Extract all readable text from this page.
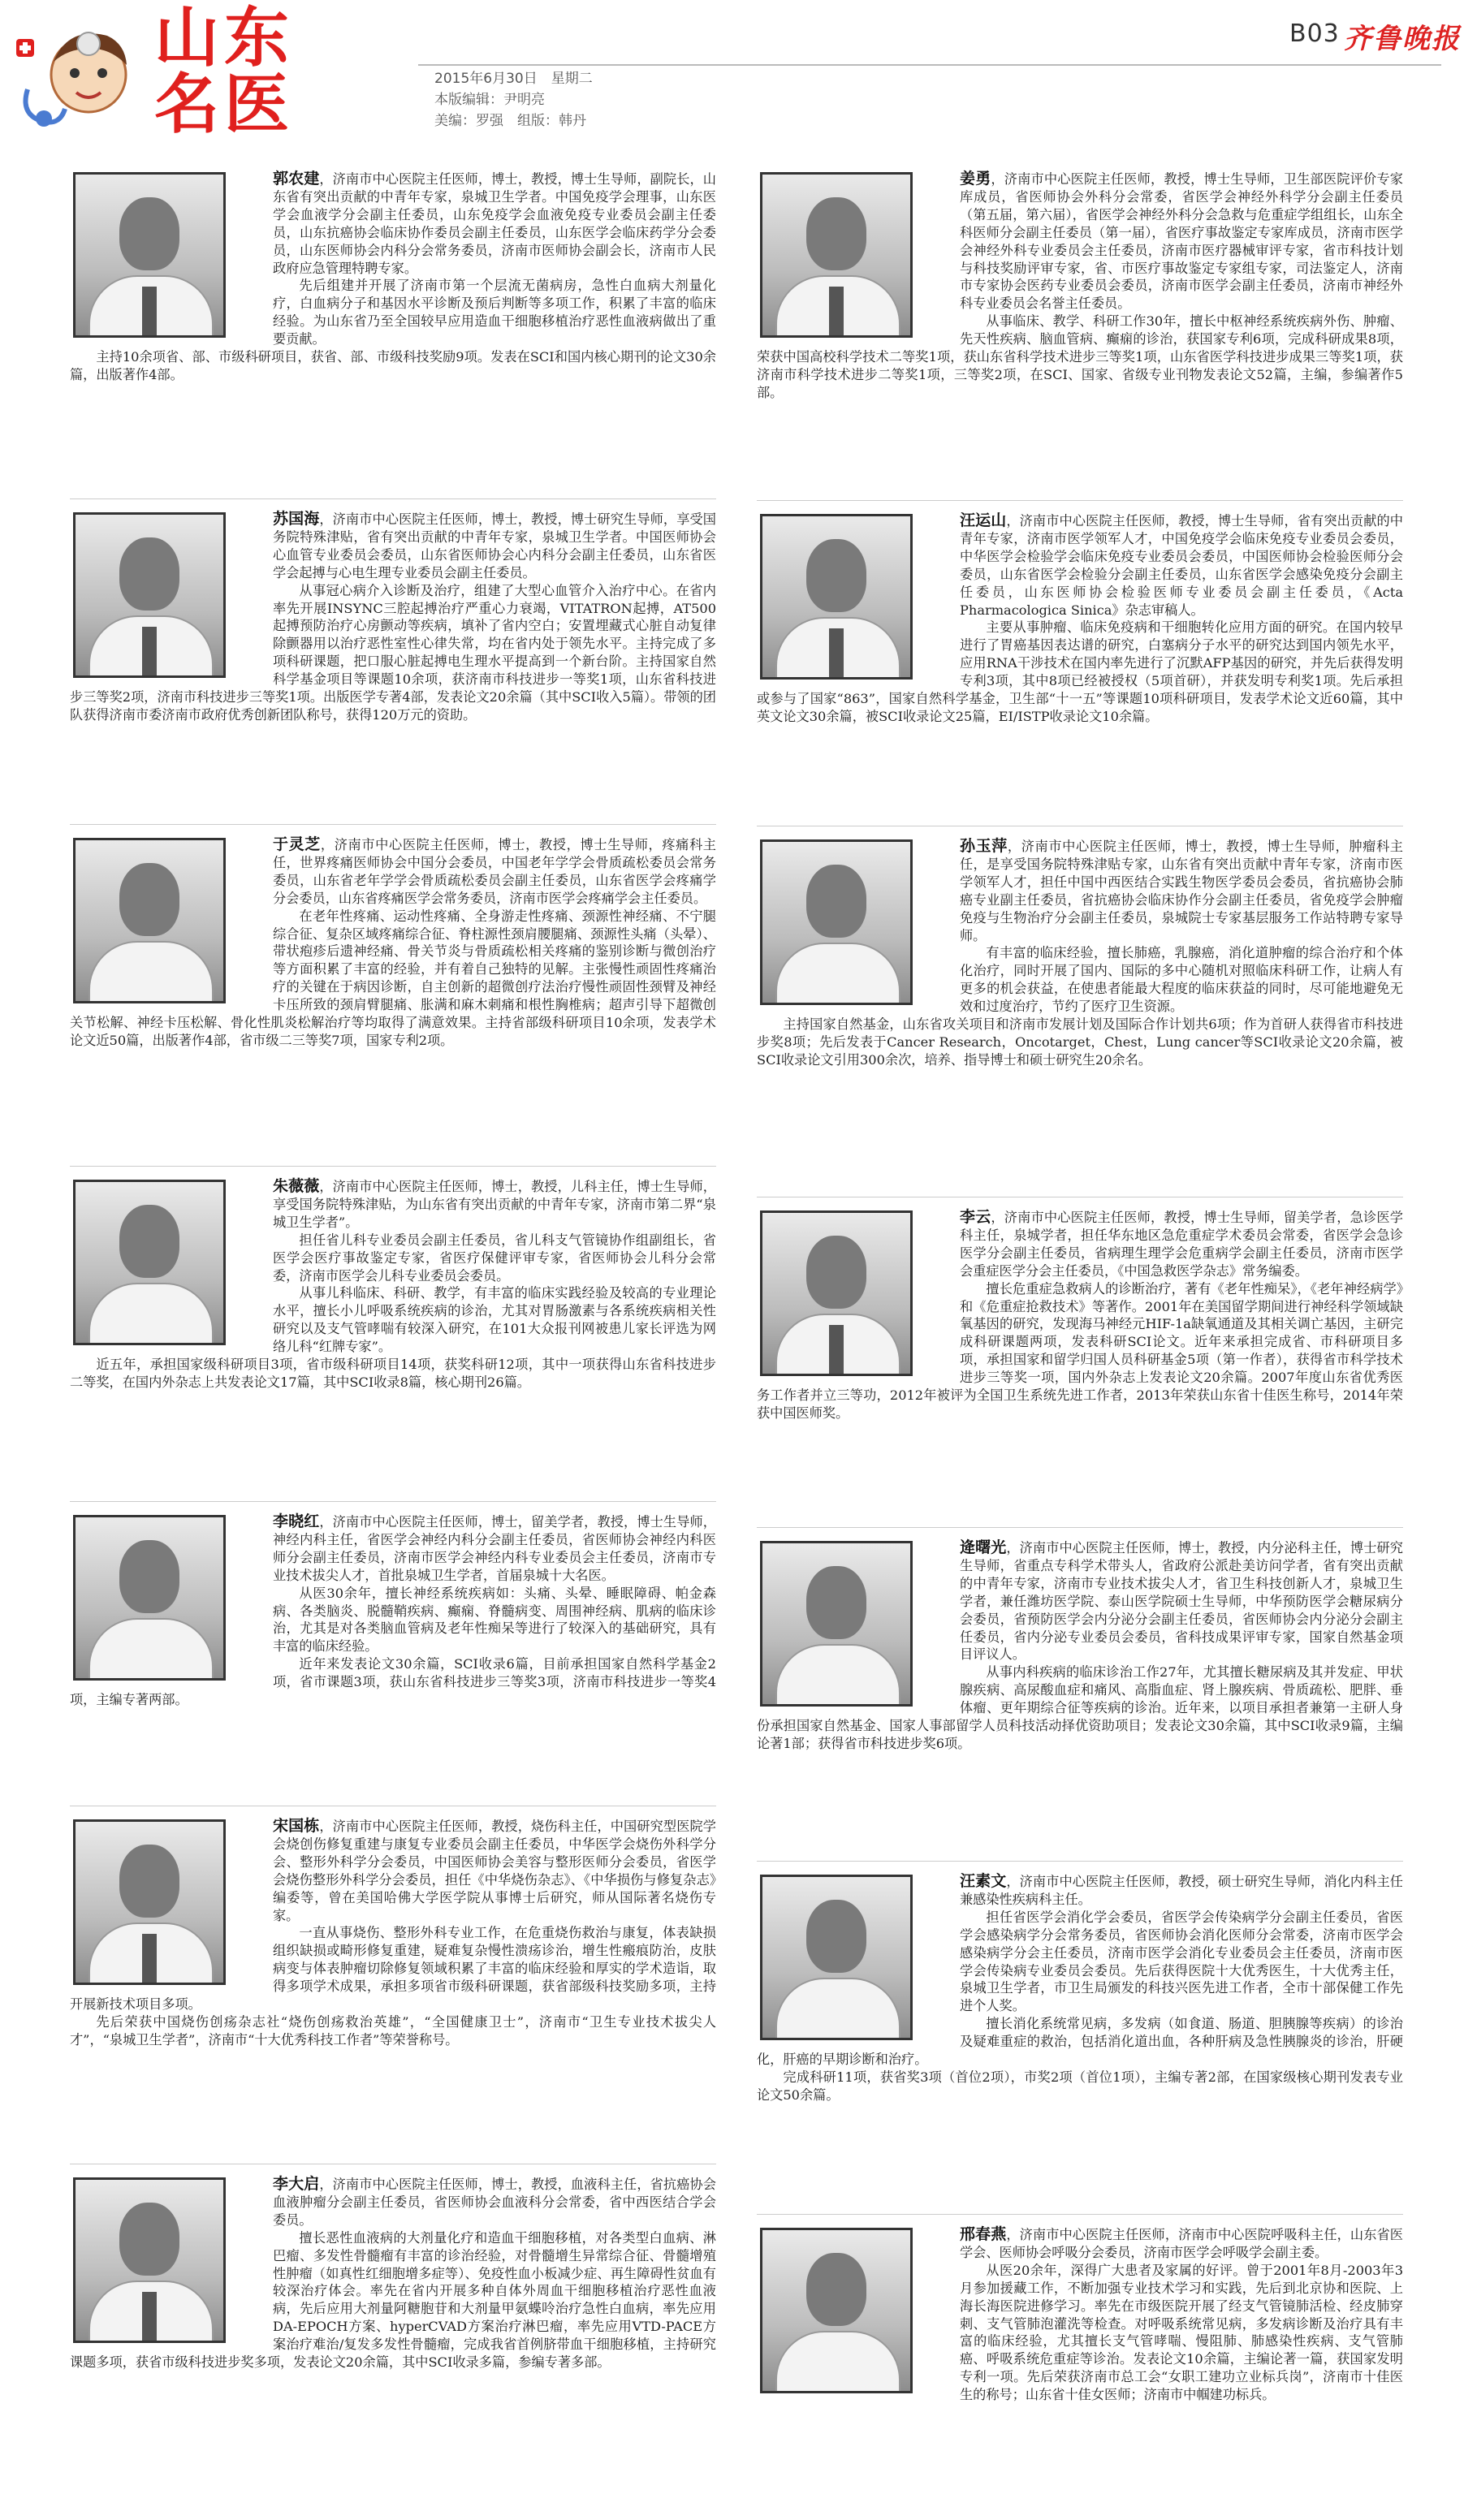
山东
名医	2015年6月30日　星期二
本版编辑：尹明亮
美编：罗强　组版：韩丹
B03 齐鲁晚报

郭农建，济南市中心医院主任医师，博士，教授，博士生导师，副院长，山东省有突出贡献的中青年专家，泉城卫生学者。中国免疫学会理事，山东医学会血液学分会副主任委员，山东免疫学会血液免疫专业委员会副主任委员，山东抗癌协会临床协作委员会副主任委员，山东医学会临床药学分会委员，山东医师协会内科分会常务委员，济南市医师协会副会长，济南市人民政府应急管理特聘专家。

先后组建并开展了济南市第一个层流无菌病房，急性白血病大剂量化疗，白血病分子和基因水平诊断及预后判断等多项工作，积累了丰富的临床经验。为山东省乃至全国较早应用造血干细胞移植治疗恶性血液病做出了重要贡献。

主持10余项省、部、市级科研项目，获省、部、市级科技奖励9项。发表在SCI和国内核心期刊的论文30余篇，出版著作4部。

苏国海，济南市中心医院主任医师，博士，教授，博士研究生导师，享受国务院特殊津贴，省有突出贡献的中青年专家，泉城卫生学者。中国医师协会心血管专业委员会委员，山东省医师协会心内科分会副主任委员，山东省医学会起搏与心电生理专业委员会副主任委员。

从事冠心病介入诊断及治疗，组建了大型心血管介入治疗中心。在省内率先开展INSYNC三腔起搏治疗严重心力衰竭，VITATRON起搏，AT500起搏预防治疗心房颤动等疾病，填补了省内空白；安置埋藏式心脏自动复律除颤器用以治疗恶性室性心律失常，均在省内处于领先水平。主持完成了多项科研课题，把口服心脏起搏电生理水平提高到一个新台阶。主持国家自然科学基金项目等课题10余项，获济南市科技进步一等奖1项，山东省科技进步三等奖2项，济南市科技进步三等奖1项。出版医学专著4部，发表论文20余篇（其中SCI收入5篇）。带领的团队获得济南市委济南市政府优秀创新团队称号，获得120万元的资助。

于灵芝，济南市中心医院主任医师，博士，教授，博士生导师，疼痛科主任，世界疼痛医师协会中国分会委员，中国老年学学会骨质疏松委员会常务委员，山东省老年学学会骨质疏松委员会副主任委员，山东省医学会疼痛学分会委员，山东省疼痛医学会常务委员，济南市医学会疼痛学会主任委员。

在老年性疼痛、运动性疼痛、全身游走性疼痛、颈源性神经痛、不宁腿综合征、复杂区域疼痛综合征、脊柱源性颈肩腰腿痛、颈源性头痛（头晕）、带状疱疹后遗神经痛、骨关节炎与骨质疏松相关疼痛的鉴别诊断与微创治疗等方面积累了丰富的经验，并有着自己独特的见解。主张慢性顽固性疼痛治疗的关键在于病因诊断，自主创新的超微创疗法治疗慢性顽固性颈臂及神经卡压所致的颈肩臂腿痛、胀满和麻木刺痛和根性胸椎病；超声引导下超微创关节松解、神经卡压松解、骨化性肌炎松解治疗等均取得了满意效果。主持省部级科研项目10余项，发表学术论文近50篇，出版著作4部，省市级二三等奖7项，国家专利2项。

朱薇薇，济南市中心医院主任医师，博士，教授，儿科主任，博士生导师，享受国务院特殊津贴，为山东省有突出贡献的中青年专家，济南市第二界“泉城卫生学者”。

担任省儿科专业委员会副主任委员，省儿科支气管镜协作组副组长，省医学会医疗事故鉴定专家，省医疗保健评审专家，省医师协会儿科分会常委，济南市医学会儿科专业委员会委员。

从事儿科临床、科研、教学，有丰富的临床实践经验及较高的专业理论水平，擅长小儿呼吸系统疾病的诊治，尤其对胃肠激素与各系统疾病相关性研究以及支气管哮喘有较深入研究，在101大众报刊网被患儿家长评选为网络儿科“红牌专家”。

近五年，承担国家级科研项目3项，省市级科研项目14项，获奖科研12项，其中一项获得山东省科技进步二等奖，在国内外杂志上共发表论文17篇，其中SCI收录8篇，核心期刊26篇。

李晓红，济南市中心医院主任医师，博士，留美学者，教授，博士生导师，神经内科主任，省医学会神经内科分会副主任委员，省医师协会神经内科医师分会副主任委员，济南市医学会神经内科专业委员会主任委员，济南市专业技术拔尖人才，首批泉城卫生学者，首届泉城十大名医。

从医30余年，擅长神经系统疾病如：头痛、头晕、睡眠障碍、帕金森病、各类脑炎、脱髓鞘疾病、癫痫、脊髓病变、周围神经病、肌病的临床诊治，尤其是对各类脑血管病及老年性痴呆等进行了较深入的基础研究，具有丰富的临床经验。

近年来发表论文30余篇，SCI收录6篇，目前承担国家自然科学基金2项，省市课题3项，获山东省科技进步三等奖3项，济南市科技进步一等奖4项，主编专著两部。

宋国栋，济南市中心医院主任医师，教授，烧伤科主任，中国研究型医院学会烧创伤修复重建与康复专业委员会副主任委员，中华医学会烧伤外科学分会、整形外科学分会委员，中国医师协会美容与整形医师分会委员，省医学会烧伤整形外科学分会委员，担任《中华烧伤杂志》、《中华损伤与修复杂志》编委等，曾在美国哈佛大学医学院从事博士后研究，师从国际著名烧伤专家。

一直从事烧伤、整形外科专业工作，在危重烧伤救治与康复，体表缺损组织缺损或畸形修复重建，疑难复杂慢性溃疡诊治，增生性瘢痕防治，皮肤病变与体表肿瘤切除修复领域积累了丰富的临床经验和厚实的学术造诣，取得多项学术成果，承担多项省市级科研课题，获省部级科技奖励多项，主持开展新技术项目多项。

先后荣获中国烧伤创疡杂志社“烧伤创疡救治英雄”，“全国健康卫士”，济南市“卫生专业技术拔尖人才”，“泉城卫生学者”，济南市“十大优秀科技工作者”等荣誉称号。

李大启，济南市中心医院主任医师，博士，教授，血液科主任，省抗癌协会血液肿瘤分会副主任委员，省医师协会血液科分会常委，省中西医结合学会委员。

擅长恶性血液病的大剂量化疗和造血干细胞移植，对各类型白血病、淋巴瘤、多发性骨髓瘤有丰富的诊治经验，对骨髓增生异常综合征、骨髓增殖性肿瘤（如真性红细胞增多症等）、免疫性血小板减少症、再生障碍性贫血有较深治疗体会。率先在省内开展多种自体外周血干细胞移植治疗恶性血液病，先后应用大剂量阿糖胞苷和大剂量甲氨蝶呤治疗急性白血病，率先应用DA-EPOCH方案、hyperCVAD方案治疗淋巴瘤，率先应用VTD-PACE方案治疗难治/复发多发性骨髓瘤，完成我省首例脐带血干细胞移植，主持研究课题多项，获省市级科技进步奖多项，发表论文20余篇，其中SCI收录多篇，参编专著多部。

姜勇，济南市中心医院主任医师，教授，博士生导师，卫生部医院评价专家库成员，省医师协会外科分会常委，省医学会神经外科学分会副主任委员（第五届，第六届），省医学会神经外科分会急救与危重症学组组长，山东全科医师分会副主任委员（第一届），省医疗事故鉴定专家库成员，济南市医学会神经外科专业委员会主任委员，济南市医疗器械审评专家，省市科技计划与科技奖励评审专家，省、市医疗事故鉴定专家组专家，司法鉴定人，济南市专家协会医药专业委员会委员，济南市医学会副主任委员，济南市神经外科专业委员会名誉主任委员。

从事临床、教学、科研工作30年，擅长中枢神经系统疾病外伤、肿瘤、先天性疾病、脑血管病、癫痫的诊治，获国家专利6项，完成科研成果8项，荣获中国高校科学技术二等奖1项，获山东省科学技术进步三等奖1项，山东省医学科技进步成果三等奖1项，获济南市科学技术进步二等奖1项，三等奖2项，在SCI、国家、省级专业刊物发表论文52篇，主编，参编著作5部。

汪运山，济南市中心医院主任医师，教授，博士生导师，省有突出贡献的中青年专家，济南市医学领军人才，中国免疫学会临床免疫专业委员会委员，中华医学会检验学会临床免疫专业委员会委员，中国医师协会检验医师分会委员，山东省医学会检验分会副主任委员，山东省医学会感染免疫分会副主任委员，山东医师协会检验医师专业委员会副主任委员，《Acta Pharmacologica Sinica》杂志审稿人。

主要从事肿瘤、临床免疫病和干细胞转化应用方面的研究。在国内较早进行了胃癌基因表达谱的研究，白塞病分子水平的研究达到国内领先水平，应用RNA干涉技术在国内率先进行了沉默AFP基因的研究，并先后获得发明专利3项，其中8项已经被授权（5项首研），并获发明专利奖1项。先后承担或参与了国家“863”，国家自然科学基金，卫生部“十一五”等课题10项科研项目，发表学术论文近60篇，其中英文论文30余篇，被SCI收录论文25篇，EI/ISTP收录论文10余篇。

孙玉萍，济南市中心医院主任医师，博士，教授，博士生导师，肿瘤科主任，是享受国务院特殊津贴专家，山东省有突出贡献中青年专家，济南市医学领军人才，担任中国中西医结合实践生物医学委员会委员，省抗癌协会肺癌专业副主任委员，省抗癌协会临床协作分会副主任委员，省免疫学会肿瘤免疫与生物治疗分会副主任委员，泉城院士专家基层服务工作站特聘专家导师。

有丰富的临床经验，擅长肺癌，乳腺癌，消化道肿瘤的综合治疗和个体化治疗，同时开展了国内、国际的多中心随机对照临床科研工作，让病人有更多的机会获益，在使患者能最大程度的临床获益的同时，尽可能地避免无效和过度治疗，节约了医疗卫生资源。

主持国家自然基金，山东省攻关项目和济南市发展计划及国际合作计划共6项；作为首研人获得省市科技进步奖8项；先后发表于Cancer Research，Oncotarget，Chest，Lung cancer等SCI收录论文20余篇，被SCI收录论文引用300余次，培养、指导博士和硕士研究生20余名。

李云，济南市中心医院主任医师，教授，博士生导师，留美学者，急诊医学科主任，泉城学者，担任华东地区急危重症学术委员会常委，省医学会急诊医学分会副主任委员，省病理生理学会危重病学会副主任委员，济南市医学会重症医学分会主任委员，《中国急救医学杂志》常务编委。

擅长危重症急救病人的诊断治疗，著有《老年性痴呆》，《老年神经病学》和《危重症抢救技术》等著作。2001年在美国留学期间进行神经科学领域缺氧基因的研究，发现海马神经元HIF-1a缺氧通道及其相关调亡基因，主研完成科研课题两项，发表科研SCI论文。近年来承担完成省、市科研项目多项，承担国家和留学归国人员科研基金5项（第一作者），获得省市科学技术进步三等奖一项，国内外杂志上发表论文20余篇。2007年度山东省优秀医务工作者并立三等功，2012年被评为全国卫生系统先进工作者，2013年荣获山东省十佳医生称号，2014年荣获中国医师奖。

逄曙光，济南市中心医院主任医师，博士，教授，内分泌科主任，博士研究生导师，省重点专科学术带头人，省政府公派赴美访问学者，省有突出贡献的中青年专家，济南市专业技术拔尖人才，省卫生科技创新人才，泉城卫生学者，兼任潍坊医学院、泰山医学院硕士生导师，中华预防医学会糖尿病分会委员，省预防医学会内分泌分会副主任委员，省医师协会内分泌分会副主任委员，省内分泌专业委员会委员，省科技成果评审专家，国家自然基金项目评议人。

从事内科疾病的临床诊治工作27年，尤其擅长糖尿病及其并发症、甲状腺疾病、高尿酸血症和痛风、高脂血症、肾上腺疾病、骨质疏松、肥胖、垂体瘤、更年期综合征等疾病的诊治。近年来，以项目承担者兼第一主研人身份承担国家自然基金、国家人事部留学人员科技活动择优资助项目；发表论文30余篇，其中SCI收录9篇，主编论著1部；获得省市科技进步奖6项。

汪素文，济南市中心医院主任医师，教授，硕士研究生导师，消化内科主任兼感染性疾病科主任。

担任省医学会消化学会委员，省医学会传染病学分会副主任委员，省医学会感染病学分会常务委员，省医师协会消化医师分会常委，济南市医学会感染病学分会主任委员，济南市医学会消化专业委员会主任委员，济南市医学会传染病专业委员会委员。先后获得医院十大优秀医生，十大优秀主任，泉城卫生学者，市卫生局颁发的科技兴医先进工作者，全市十部保健工作先进个人奖。

擅长消化系统常见病，多发病（如食道、肠道、胆胰腺等疾病）的诊治及疑难重症的救治，包括消化道出血，各种肝病及急性胰腺炎的诊治，肝硬化，肝癌的早期诊断和治疗。

完成科研11项，获省奖3项（首位2项），市奖2项（首位1项），主编专著2部，在国家级核心期刊发表专业论文50余篇。

邢春燕，济南市中心医院主任医师，济南市中心医院呼吸科主任，山东省医学会、医师协会呼吸分会委员，济南市医学会呼吸学会副主委。

从医20余年，深得广大患者及家属的好评。曾于2001年8月-2003年3月参加援藏工作，不断加强专业技术学习和实践，先后到北京协和医院、上海长海医院进修学习。率先在市级医院开展了经支气管镜肺活检、经皮肺穿刺、支气管肺泡灌洗等检查。对呼吸系统常见病，多发病诊断及治疗具有丰富的临床经验，尤其擅长支气管哮喘、慢阻肺、肺感染性疾病、支气管肺癌、呼吸系统危重症等诊治。发表论文10余篇，主编论著一篇，获国家发明专利一项。先后荣获济南市总工会“女职工建功立业标兵岗”，济南市十佳医生的称号；山东省十佳女医师；济南市中帼建功标兵。
